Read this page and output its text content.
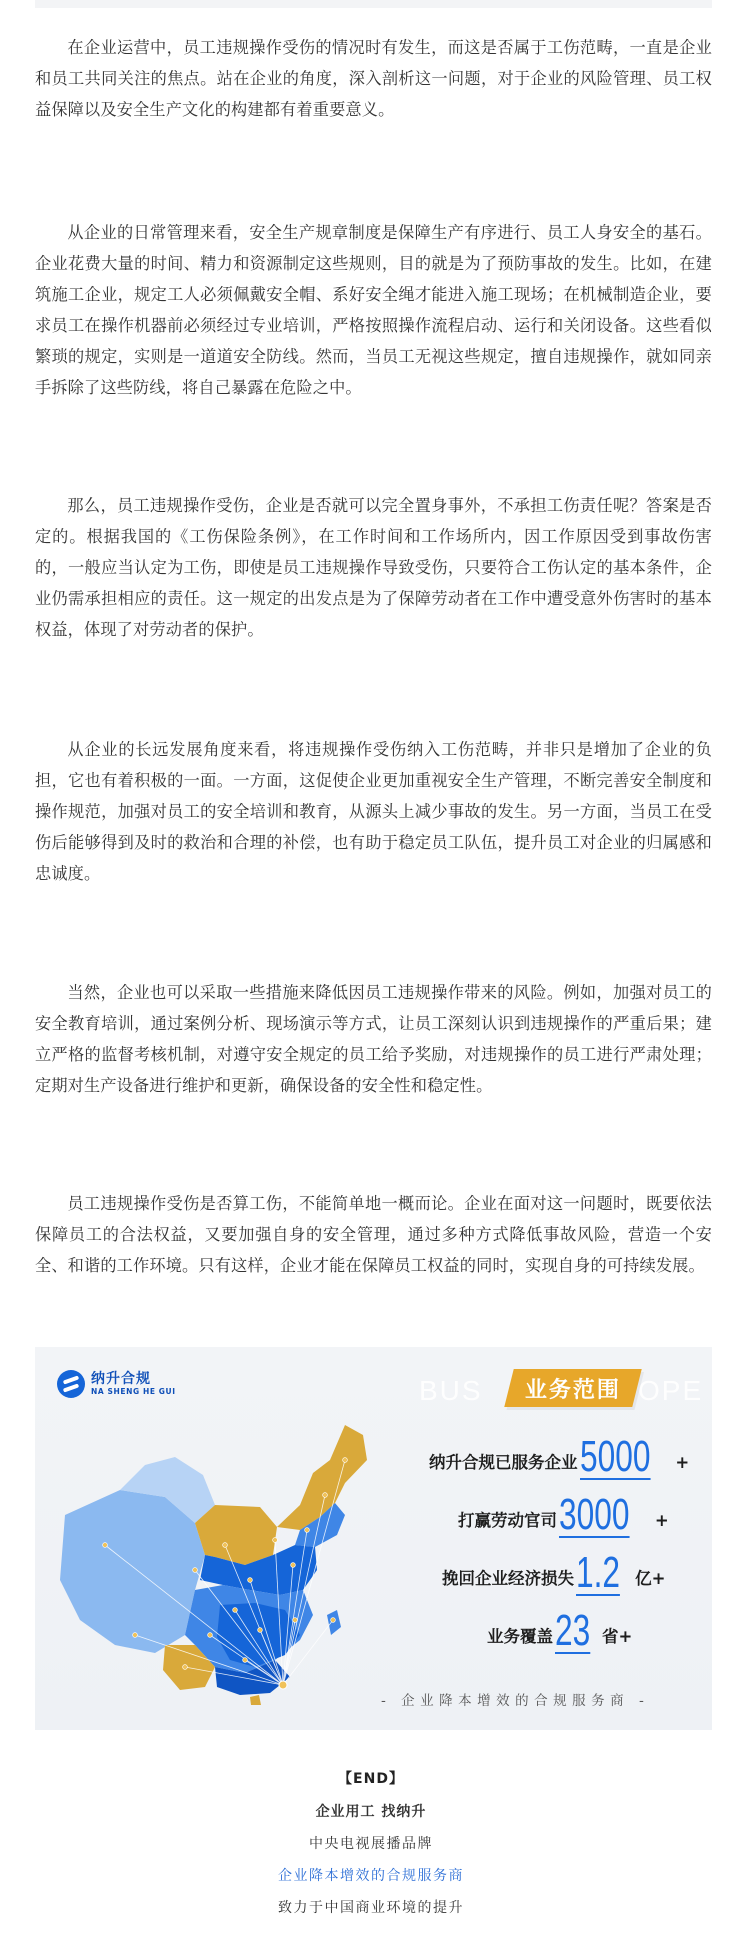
在企业运营中，员工违规操作受伤的情况时有发生，而这是否属于工伤范畴，一直是企业和员工共同关注的焦点。站在企业的角度，深入剖析这一问题，对于企业的风险管理、员工权益保障以及安全生产文化的构建都有着重要意义。

从企业的日常管理来看，安全生产规章制度是保障生产有序进行、员工人身安全的基石。企业花费大量的时间、精力和资源制定这些规则，目的就是为了预防事故的发生。比如，在建筑施工企业，规定工人必须佩戴安全帽、系好安全绳才能进入施工现场；在机械制造企业，要求员工在操作机器前必须经过专业培训，严格按照操作流程启动、运行和关闭设备。这些看似繁琐的规定，实则是一道道安全防线。然而，当员工无视这些规定，擅自违规操作，就如同亲手拆除了这些防线，将自己暴露在危险之中。

那么，员工违规操作受伤，企业是否就可以完全置身事外，不承担工伤责任呢？答案是否定的。根据我国的《工伤保险条例》，在工作时间和工作场所内，因工作原因受到事故伤害的，一般应当认定为工伤，即使是员工违规操作导致受伤，只要符合工伤认定的基本条件，企业仍需承担相应的责任。这一规定的出发点是为了保障劳动者在工作中遭受意外伤害时的基本权益，体现了对劳动者的保护。

从企业的长远发展角度来看，将违规操作受伤纳入工伤范畴，并非只是增加了企业的负担，它也有着积极的一面。一方面，这促使企业更加重视安全生产管理，不断完善安全制度和操作规范，加强对员工的安全培训和教育，从源头上减少事故的发生。另一方面，当员工在受伤后能够得到及时的救治和合理的补偿，也有助于稳定员工队伍，提升员工对企业的归属感和忠诚度。

当然，企业也可以采取一些措施来降低因员工违规操作带来的风险。例如，加强对员工的安全教育培训，通过案例分析、现场演示等方式，让员工深刻认识到违规操作的严重后果；建立严格的监督考核机制，对遵守安全规定的员工给予奖励，对违规操作的员工进行严肃处理；定期对生产设备进行维护和更新，确保设备的安全性和稳定性。

员工违规操作受伤是否算工伤，不能简单地一概而论。企业在面对这一问题时，既要依法保障员工的合法权益，又要加强自身的安全管理，通过多种方式降低事故风险，营造一个安全、和谐的工作环境。只有这样，企业才能在保障员工权益的同时，实现自身的可持续发展。

纳升合规
NA SHENG HE GUI	BUS	OPE
业务范围
纳升合规已服务企业 5000 +
打赢劳动官司 3000 +
挽回企业经济损失 1.2 亿+
业务覆盖 23 省+
- 企业降本增效的合规服务商 -
【END】
企业用工 找纳升
中央电视展播品牌
企业降本增效的合规服务商
致力于中国商业环境的提升
